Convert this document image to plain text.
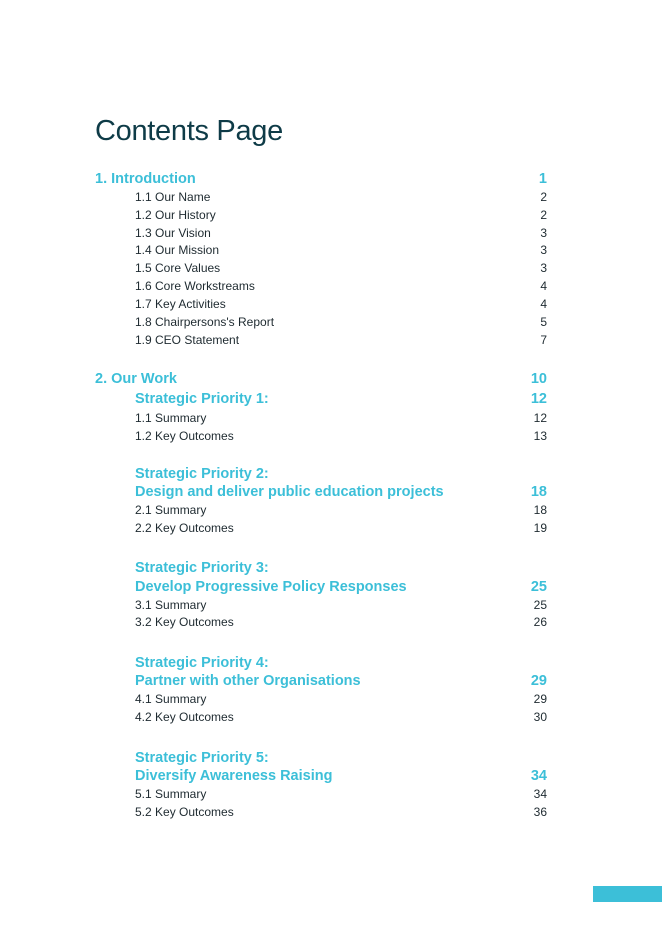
Contents Page
1. Introduction	1
1.1 Our Name	2
1.2 Our History	2
1.3 Our Vision	3
1.4 Our Mission	3
1.5 Core Values	3
1.6 Core Workstreams	4
1.7 Key Activities	4
1.8 Chairpersons's Report	5
1.9 CEO Statement	7
2. Our Work	10
Strategic Priority 1:	12
1.1 Summary	12
1.2 Key Outcomes	13
Strategic Priority 2:
Design and deliver public education projects	18
2.1 Summary	18
2.2 Key Outcomes	19
Strategic Priority 3:
Develop Progressive Policy Responses	25
3.1 Summary	25
3.2 Key Outcomes	26
Strategic Priority 4:
Partner with other Organisations	29
4.1 Summary	29
4.2 Key Outcomes	30
Strategic Priority 5:
Diversify Awareness Raising	34
5.1 Summary	34
5.2 Key Outcomes	36
